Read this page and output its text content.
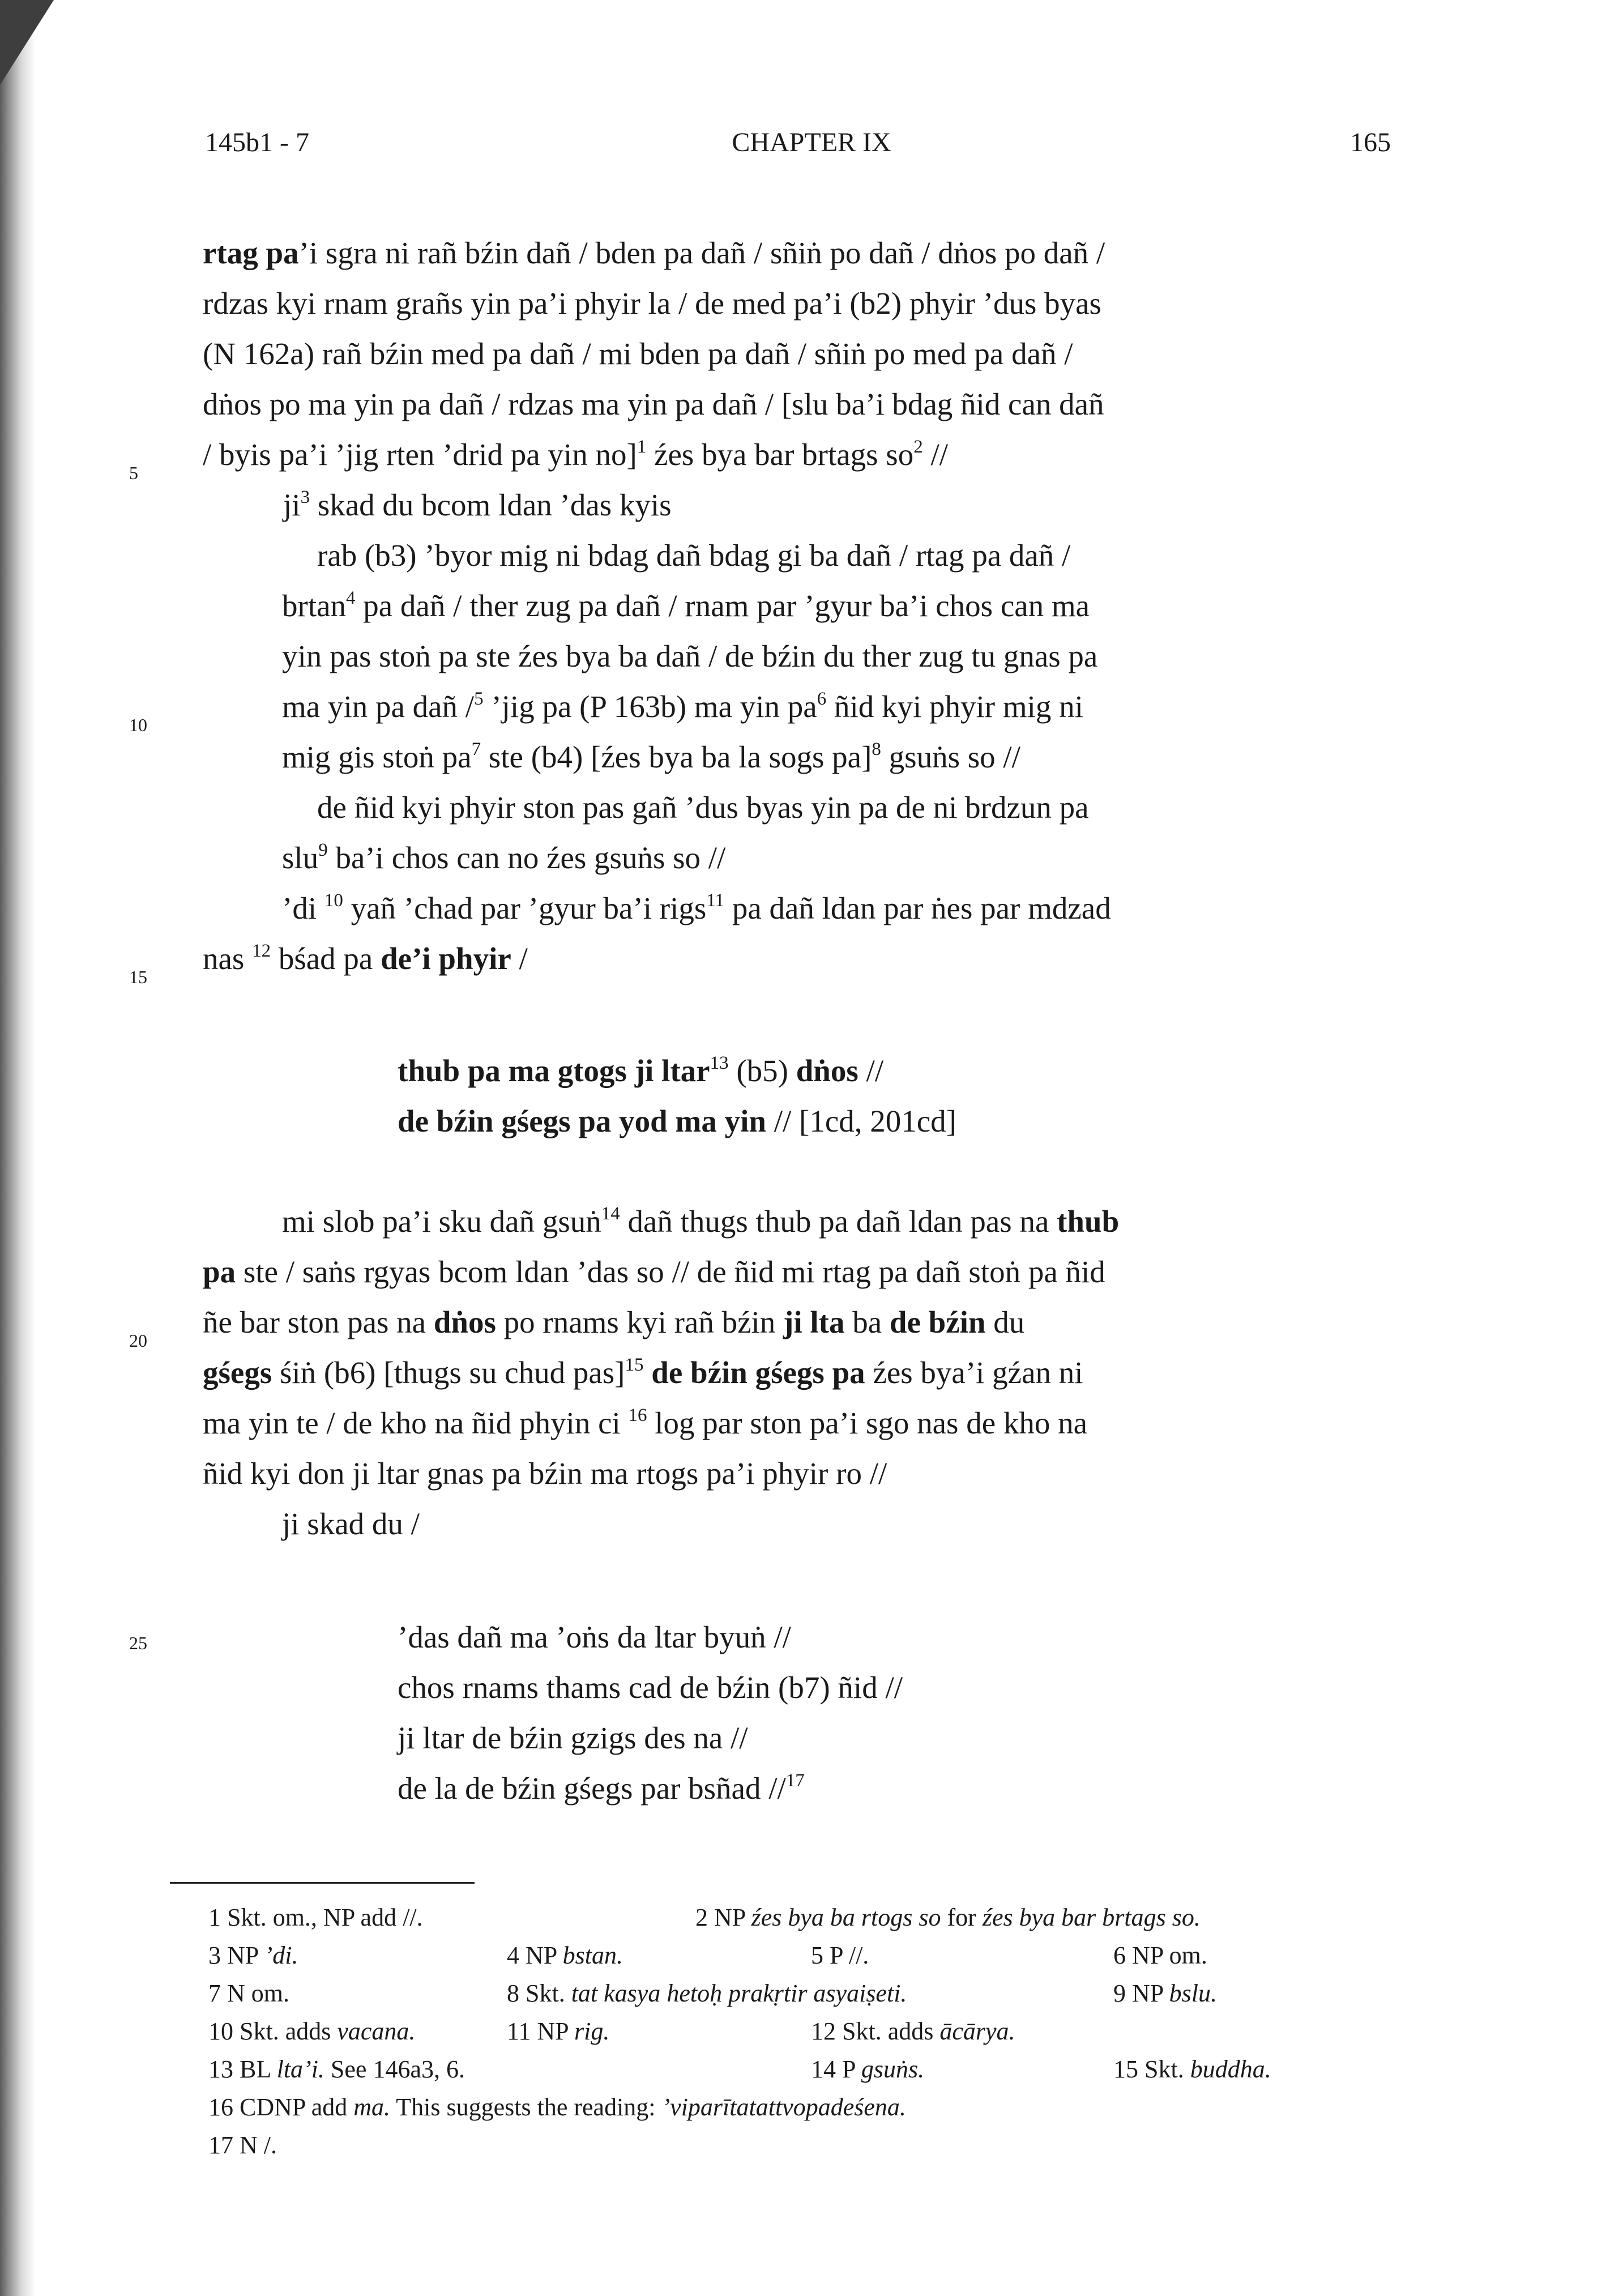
145b1 - 7	CHAPTER IX	165
rtag pa’i sgra ni rañ bźin dañ / bden pa dañ / sñiṅ po dañ / dṅos po dañ /
rdzas kyi rnam grañs yin pa’i phyir la / de med pa’i (b2) phyir ’dus byas
(N 162a) rañ bźin med pa dañ / mi bden pa dañ / sñiṅ po med pa dañ /
dṅos po ma yin pa dañ / rdzas ma yin pa dañ / [slu ba’i bdag ñid can dañ
/ byis pa’i ’jig rten ’drid pa yin no]$^1$ źes bya bar brtags $so^2$ //
$ji^3$ skad du bcom ldan ’das kyis
rab (b3) ’byor mig ni bdag dañ bdag gi ba dañ / rtag pa dañ /
brtan$^4$ pa dañ / ther zug pa dañ / rnam par ’gyur ba’i chos can ma
yin pas stoṅ pa ste źes bya ba dañ / de bźin du ther zug tu gnas pa
ma yin pa dañ /$^5$ ’jig pa (P 163b) ma yin $pa^6$ ñid kyi phyir mig ni
mig gis stoṅ $pa^7$ ste (b4) [źes bya ba la sogs pa]$^8$ gsuṅs so //
de ñid kyi phyir ston pas gañ ’dus byas yin pa de ni brdzun pa
slu$^9$ ba’i chos can no źes gsuṅs so //
’di $^{10}$ yañ ’chad par ’gyur ba’i rigs$^{11}$ pa dañ ldan par ṅes par mdzad
nas $^{12}$ bśad pa de’i phyir /
thub pa ma gtogs ji ltar$^{13}$ (b5) dṅos //
de bźin gśegs pa yod ma yin // [1cd, 201cd]
mi slob pa’i sku dañ gsuṅ$^{14}$ dañ thugs thub pa dañ ldan pas na thub
pa ste / saṅs rgyas bcom ldan ’das so // de ñid mi rtag pa dañ stoṅ pa ñid
ñe bar ston pas na dṅos po rnams kyi rañ bźin ji lta ba de bźin du
gśegs śiṅ (b6) [thugs su chud pas]$^{15}$ de bźin gśegs pa źes bya’i gźan ni
ma yin te / de kho na ñid phyin ci $^{16}$ log par ston pa’i sgo nas de kho na
ñid kyi don ji ltar gnas pa bźin ma rtogs pa’i phyir ro //
ji skad du /
’das dañ ma ’oṅs da ltar byuṅ //
chos rnams thams cad de bźin (b7) ñid //
ji ltar de bźin gzigs des na //
de la de bźin gśegs par bsñad //$^{17}$
5
10
15
20
25
1 Skt. om., NP add //.	2 NP źes bya ba rtogs so for źes bya bar brtags so.
3 NP ’di.	4 NP bstan.	5 P //.	6 NP om.
7 N om.	8 Skt. tat kasya hetoḥ prakṛtir asyaiṣeti.	9 NP bslu.
10 Skt. adds vacana.	11 NP rig.	12 Skt. adds ācārya.
13 BL lta’i. See 146a3, 6.	14 P gsuṅs.	15 Skt. buddha.
16 CDNP add ma. This suggests the reading: ’viparītatattvopadeśena.
17 N /.
